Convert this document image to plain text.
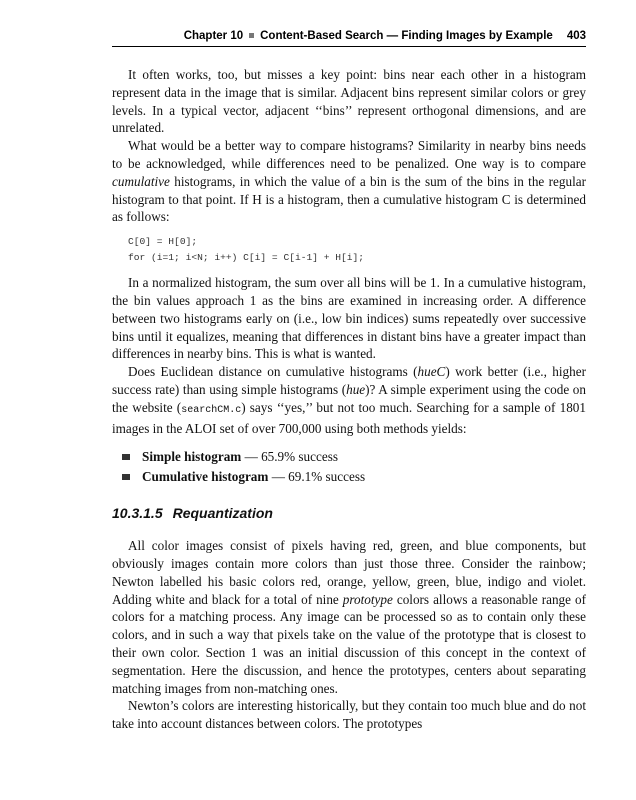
Chapter 10 Content-Based Search — Finding Images by Example 403

It often works, too, but misses a key point: bins near each other in a histogram represent data in the image that is similar. Adjacent bins represent similar colors or grey levels. In a typical vector, adjacent ‘‘bins’’ represent orthogonal dimensions, and are unrelated.

What would be a better way to compare histograms? Similarity in nearby bins needs to be acknowledged, while differences need to be penalized. One way is to compare cumulative histograms, in which the value of a bin is the sum of the bins in the regular histogram to that point. If H is a histogram, then a cumulative histogram C is determined as follows:

C[0] = H[0];
for (i=1; i<N; i++) C[i] = C[i-1] + H[i];

In a normalized histogram, the sum over all bins will be 1. In a cumulative histogram, the bin values approach 1 as the bins are examined in increasing order. A difference between two histograms early on (i.e., low bin indices) sums repeatedly over successive bins until it equalizes, meaning that differences in distant bins have a greater impact than differences in nearby bins. This is what is wanted.

Does Euclidean distance on cumulative histograms (hueC) work better (i.e., higher success rate) than using simple histograms (hue)? A simple experiment using the code on the website (searchCM.c) says ‘‘yes,’’ but not too much. Searching for a sample of 1801 images in the ALOI set of over 700,000 using both methods yields:

Simple histogram — 65.9% success
Cumulative histogram — 69.1% success
10.3.1.5 Requantization

All color images consist of pixels having red, green, and blue components, but obviously images contain more colors than just those three. Consider the rainbow; Newton labelled his basic colors red, orange, yellow, green, blue, indigo and violet. Adding white and black for a total of nine prototype colors allows a reasonable range of colors for a matching process. Any image can be processed so as to contain only these colors, and in such a way that pixels take on the value of the prototype that is closest to their own color. Section 1 was an initial discussion of this concept in the context of segmentation. Here the discussion, and hence the prototypes, centers about separating matching images from non-matching ones.

Newton’s colors are interesting historically, but they contain too much blue and do not take into account distances between colors. The prototypes
